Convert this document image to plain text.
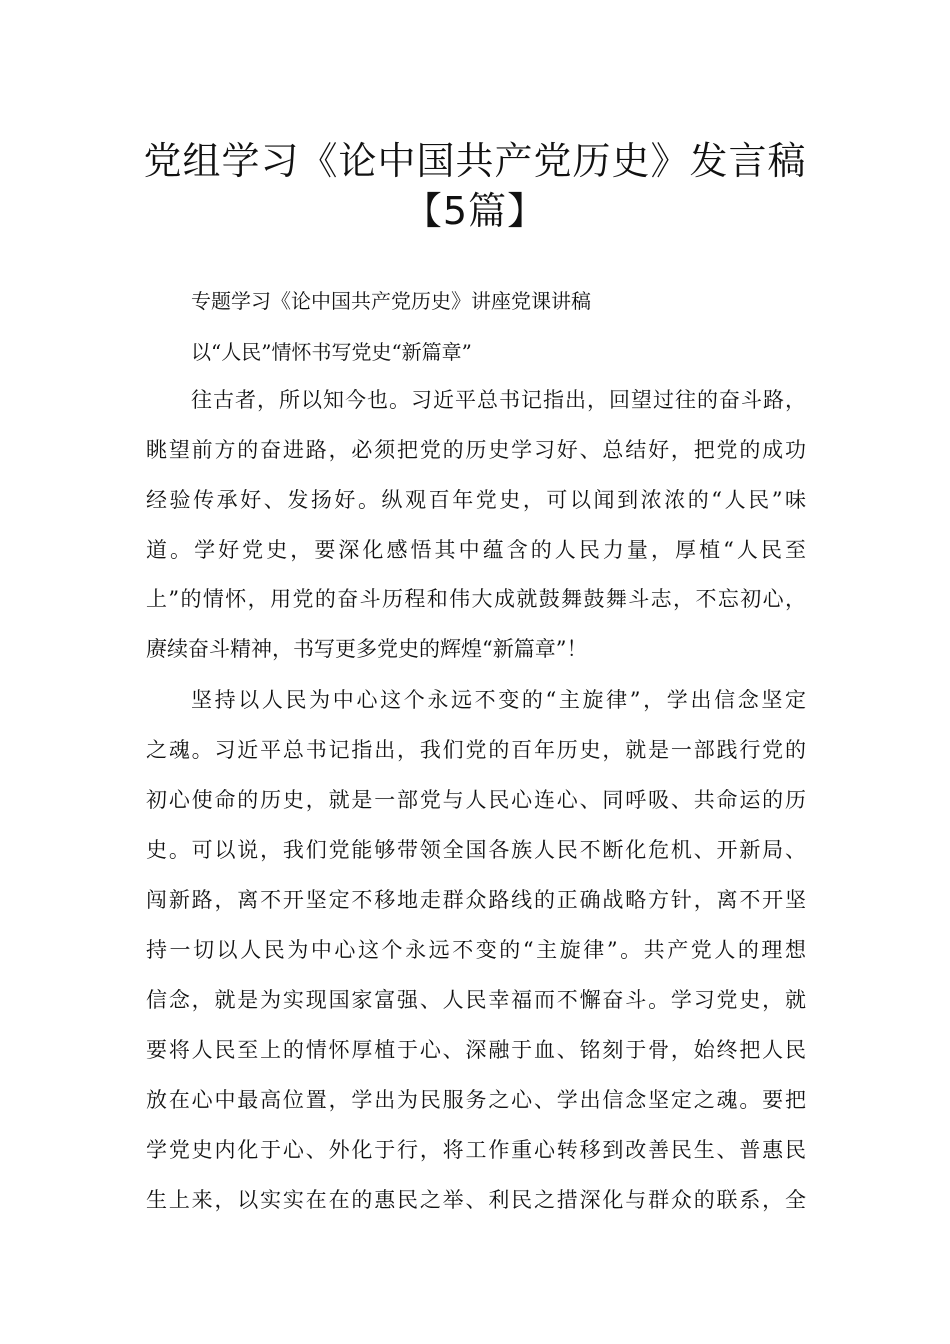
党组学习《论中国共产党历史》发言稿
【5篇】
专题学习《论中国共产党历史》讲座党课讲稿
以“人民”情怀书写党史“新篇章”
往古者，所以知今也。习近平总书记指出，回望过往的奋斗路，
眺望前方的奋进路，必须把党的历史学习好、总结好，把党的成功
经验传承好、发扬好。纵观百年党史，可以闻到浓浓的“人民”味
道。学好党史，要深化感悟其中蕴含的人民力量，厚植“人民至
上”的情怀，用党的奋斗历程和伟大成就鼓舞鼓舞斗志，不忘初心，
赓续奋斗精神，书写更多党史的辉煌“新篇章”！
坚持以人民为中心这个永远不变的“主旋律”，学出信念坚定
之魂。习近平总书记指出，我们党的百年历史，就是一部践行党的
初心使命的历史，就是一部党与人民心连心、同呼吸、共命运的历
史。可以说，我们党能够带领全国各族人民不断化危机、开新局、
闯新路，离不开坚定不移地走群众路线的正确战略方针，离不开坚
持一切以人民为中心这个永远不变的“主旋律”。共产党人的理想
信念，就是为实现国家富强、人民幸福而不懈奋斗。学习党史，就
要将人民至上的情怀厚植于心、深融于血、铭刻于骨，始终把人民
放在心中最高位置，学出为民服务之心、学出信念坚定之魂。要把
学党史内化于心、外化于行，将工作重心转移到改善民生、普惠民
生上来，以实实在在的惠民之举、利民之措深化与群众的联系，全
